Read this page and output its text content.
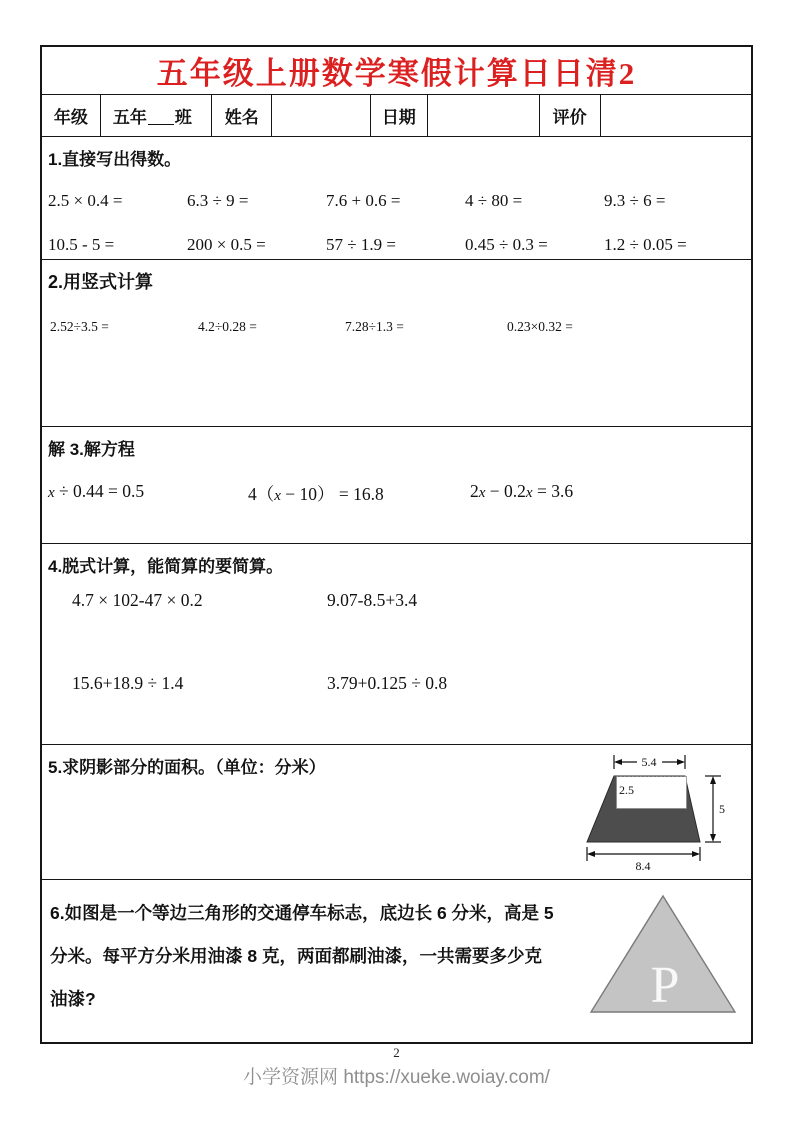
五年级上册数学寒假计算日日清2
年级	五年 班	姓名	日期	评价
1.直接写出得数。
2.5 × 0.4 =	6.3 ÷ 9 =	7.6 + 0.6 =	4 ÷ 80 =	9.3 ÷ 6 =
10.5 - 5 =	200 × 0.5 =	57 ÷ 1.9 =	0.45 ÷ 0.3 =	1.2 ÷ 0.05 =
2.用竖式计算
2.52÷3.5 =	4.2÷0.28 =	7.28÷1.3 =	0.23×0.32 =
解 3.解方程
x ÷ 0.44 = 0.5	4（x − 10） = 16.8	2x − 0.2x = 3.6
4.脱式计算，能简算的要简算。
4.7 × 102-47 × 0.2	9.07-8.5+3.4
15.6+18.9 ÷ 1.4	3.79+0.125 ÷ 0.8
5.求阴影部分的面积。（单位：分米）	5.4
2.5
5
8.4
6.如图是一个等边三角形的交通停车标志，底边长 6 分米，高是 5
分米。每平方分米用油漆 8 克，两面都刷油漆，一共需要多少克
油漆?	P
2
小学资源网 https://xueke.woiay.com/
